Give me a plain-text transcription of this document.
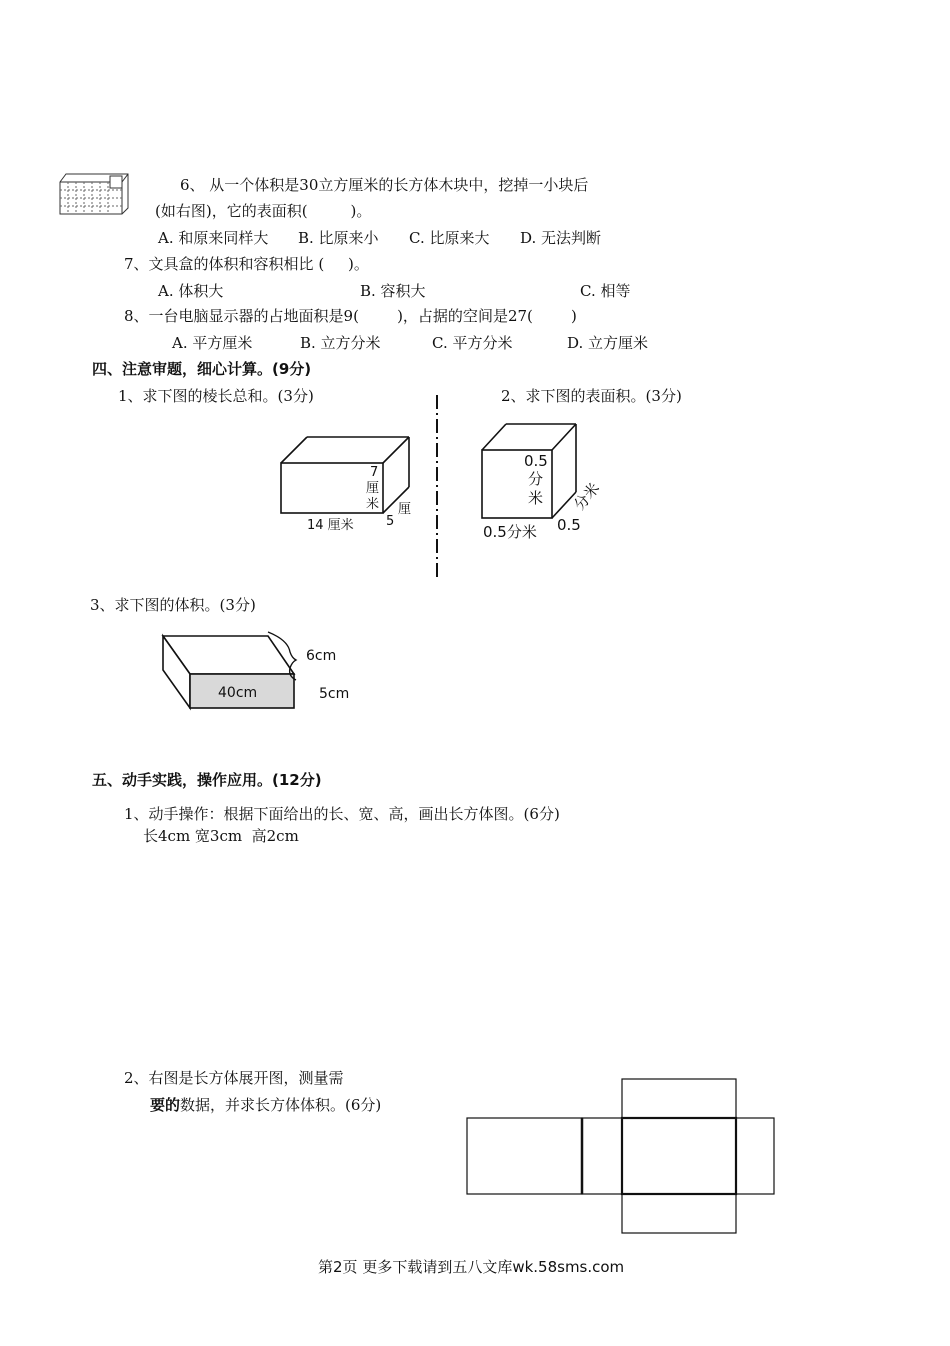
6、 从一个体积是30立方厘米的长方体木块中，挖掉一小块后
(如右图)，它的表面积(         )。
A. 和原来同样大 B. 比原来小 C. 比原来大 D. 无法判断
7、文具盒的体积和容积相比 (     )。
A. 体积大	B. 容积大	C. 相等
8、一台电脑显示器的占地面积是9(        )，占据的空间是27(        )
A. 平方厘米	B. 立方分米	C. 平方分米	D. 立方厘米
四、注意审题，细心计算。(9分)
1、求下图的棱长总和。(3分)	2、求下图的表面积。(3分)
7
厘
米
14 厘米 5
厘
0.5
分
米
0.5分米 0.5
分米
40cm
6cm
5cm
3、求下图的体积。(3分)
五、动手实践，操作应用。(12分)
1、动手操作：根据下面给出的长、宽、高，画出长方体图。(6分)
长4cm 宽3cm  高2cm
2、右图是长方体展开图，测量需
要的数据，并求长方体体积。(6分)
第2页 更多下载请到五八文库wk.58sms.com
